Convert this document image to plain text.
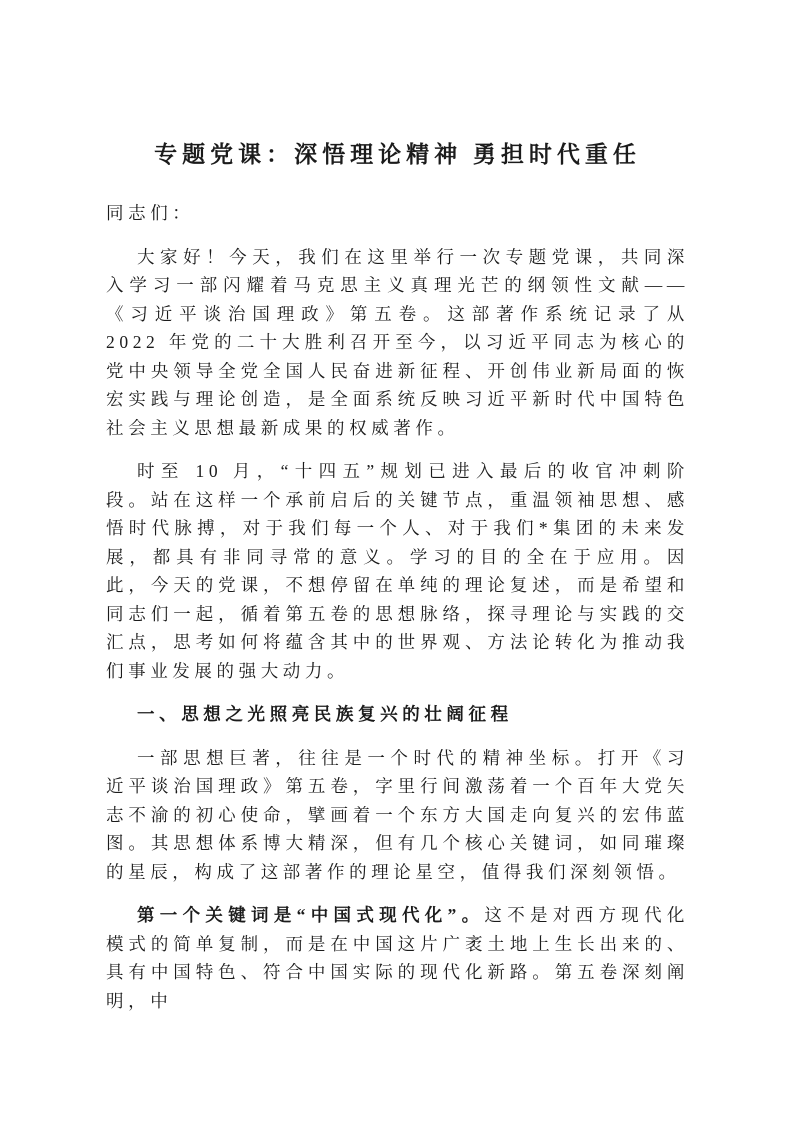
专题党课：深悟理论精神 勇担时代重任
同志们：
大家好！今天，我们在这里举行一次专题党课，共同深入学习一部闪耀着马克思主义真理光芒的纲领性文献——《习近平谈治国理政》第五卷。这部著作系统记录了从 2022 年党的二十大胜利召开至今，以习近平同志为核心的党中央领导全党全国人民奋进新征程、开创伟业新局面的恢宏实践与理论创造，是全面系统反映习近平新时代中国特色社会主义思想最新成果的权威著作。
时至 10 月，“十四五”规划已进入最后的收官冲刺阶段。站在这样一个承前启后的关键节点，重温领袖思想、感悟时代脉搏，对于我们每一个人、对于我们*集团的未来发展，都具有非同寻常的意义。学习的目的全在于应用。因此，今天的党课，不想停留在单纯的理论复述，而是希望和同志们一起，循着第五卷的思想脉络，探寻理论与实践的交汇点，思考如何将蕴含其中的世界观、方法论转化为推动我们事业发展的强大动力。
一、思想之光照亮民族复兴的壮阔征程
一部思想巨著，往往是一个时代的精神坐标。打开《习近平谈治国理政》第五卷，字里行间激荡着一个百年大党矢志不渝的初心使命，擘画着一个东方大国走向复兴的宏伟蓝图。其思想体系博大精深，但有几个核心关键词，如同璀璨的星辰，构成了这部著作的理论星空，值得我们深刻领悟。
第一个关键词是“中国式现代化”。这不是对西方现代化模式的简单复制，而是在中国这片广袤土地上生长出来的、具有中国特色、符合中国实际的现代化新路。第五卷深刻阐明，中
